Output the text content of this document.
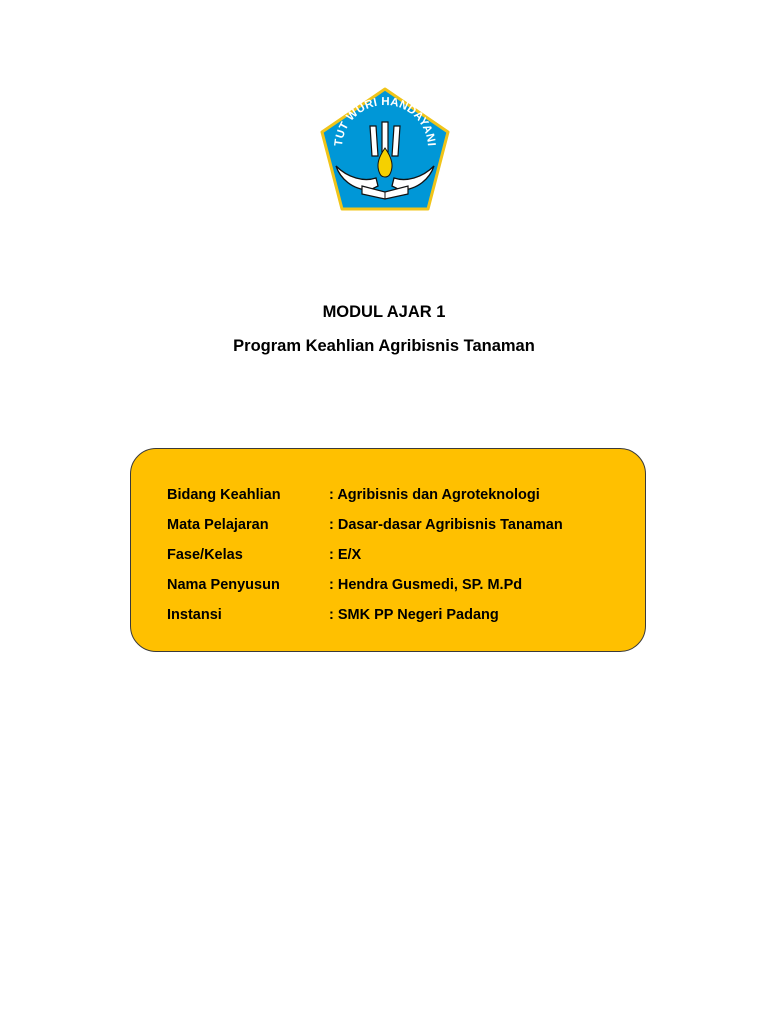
TUT WURI HANDAYANI

MODUL AJAR 1

Program Keahlian Agribisnis Tanaman

Bidang Keahlian	: Agribisnis dan Agroteknologi
Mata Pelajaran	: Dasar-dasar Agribisnis Tanaman
Fase/Kelas	: E/X
Nama Penyusun	: Hendra Gusmedi, SP. M.Pd
Instansi	: SMK PP Negeri Padang
